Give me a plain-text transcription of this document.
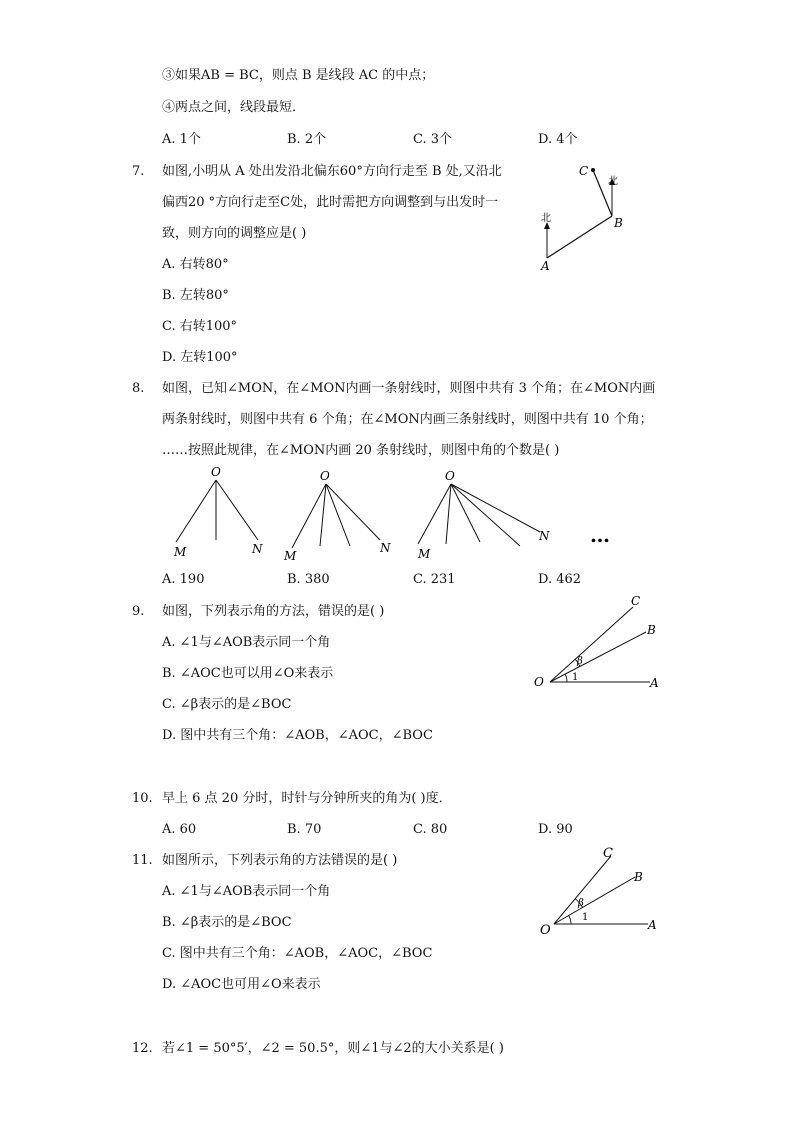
③如果AB = BC，则点 B 是线段 AC 的中点；
④两点之间，线段最短．
A. 1个	B. 2个	C. 3个	D. 4个
7. 如图,小明从 A 处出发沿北偏东60°方向行走至 B 处,又沿北
偏西20 °方向行走至C处，此时需把方向调整到与出发时一
致，则方向的调整应是( )
A. 右转80°
B. 左转80°
C. 右转100°
D. 左转100°
A
B
C
北
北
8. 如图，已知∠MON，在∠MON内画一条射线时，则图中共有 3 个角；在∠MON内画
两条射线时，则图中共有 6 个角；在∠MON内画三条射线时，则图中共有 10 个角；
……按照此规律，在∠MON内画 20 条射线时，则图中角的个数是( )
O
M	N
O
M
N
O
M
N …
A. 190	B. 380	C. 231	D. 462
9. 如图，下列表示角的方法，错误的是( )
A. ∠1与∠AOB表示同一个角
B. ∠AOC也可以用∠O来表示
C. ∠β表示的是∠BOC
D. 图中共有三个角：∠AOB，∠AOC，∠BOC
O	A
B
C
β
1
10. 早上 6 点 20 分时，时针与分钟所夹的角为( )度．
A. 60	B. 70	C. 80	D. 90
11. 如图所示，下列表示角的方法错误的是( )
A. ∠1与∠AOB表示同一个角
B. ∠β表示的是∠BOC
C. 图中共有三个角：∠AOB，∠AOC，∠BOC
D. ∠AOC也可用∠O来表示
O	A
B
C
β
1
12. 若∠1 = 50°5′，∠2 = 50.5°，则∠1与∠2的大小关系是( )
